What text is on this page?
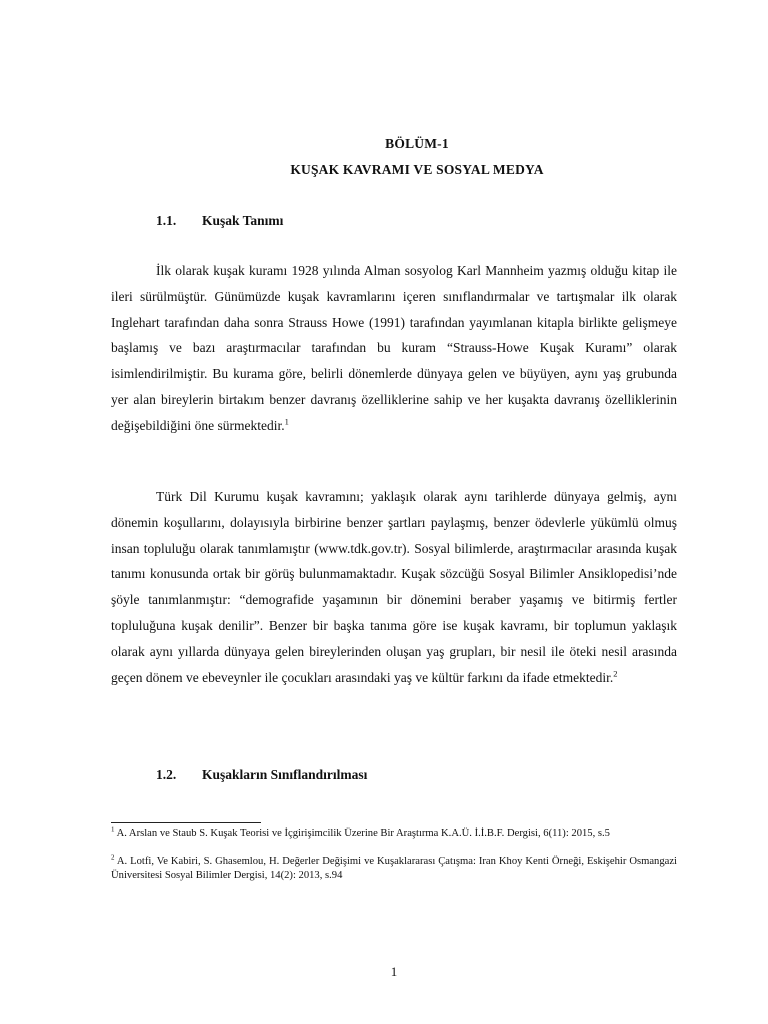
BÖLÜM-1
KUŞAK KAVRAMI VE SOSYAL MEDYA
1.1. Kuşak Tanımı

İlk olarak kuşak kuramı 1928 yılında Alman sosyolog Karl Mannheim yazmış olduğu kitap ile ileri sürülmüştür. Günümüzde kuşak kavramlarını içeren sınıflandırmalar ve tartışmalar ilk olarak Inglehart tarafından daha sonra Strauss Howe (1991) tarafından yayımlanan kitapla birlikte gelişmeye başlamış ve bazı araştırmacılar tarafından bu kuram “Strauss-Howe Kuşak Kuramı” olarak isimlendirilmiştir. Bu kurama göre, belirli dönemlerde dünyaya gelen ve büyüyen, aynı yaş grubunda yer alan bireylerin birtakım benzer davranış özelliklerine sahip ve her kuşakta davranış özelliklerinin değişebildiğini öne sürmektedir.$^1$

Türk Dil Kurumu kuşak kavramını; yaklaşık olarak aynı tarihlerde dünyaya gelmiş, aynı dönemin koşullarını, dolayısıyla birbirine benzer şartları paylaşmış, benzer ödevlerle yükümlü olmuş insan topluluğu olarak tanımlamıştır (www.tdk.gov.tr). Sosyal bilimlerde, araştırmacılar arasında kuşak tanımı konusunda ortak bir görüş bulunmamaktadır. Kuşak sözcüğü Sosyal Bilimler Ansiklopedisi’nde şöyle tanımlanmıştır: “demografide yaşamının bir dönemini beraber yaşamış ve bitirmiş fertler topluluğuna kuşak denilir”. Benzer bir başka tanıma göre ise kuşak kavramı, bir toplumun yaklaşık olarak aynı yıllarda dünyaya gelen bireylerinden oluşan yaş grupları, bir nesil ile öteki nesil arasında geçen dönem ve ebeveynler ile çocukları arasındaki yaş ve kültür farkını da ifade etmektedir.$^2$

1.2. Kuşakların Sınıflandırılması

$^1$ A. Arslan ve Staub S. Kuşak Teorisi ve İçgirişimcilik Üzerine Bir Araştırma K.A.Ü. İ.İ.B.F. Dergisi, 6(11): 2015, s.5

$^2$ A. Lotfi, Ve Kabiri, S. Ghasemlou, H. Değerler Değişimi ve Kuşaklararası Çatışma: Iran Khoy Kenti Örneği, Eskişehir Osmangazi Üniversitesi Sosyal Bilimler Dergisi, 14(2): 2013, s.94

1
